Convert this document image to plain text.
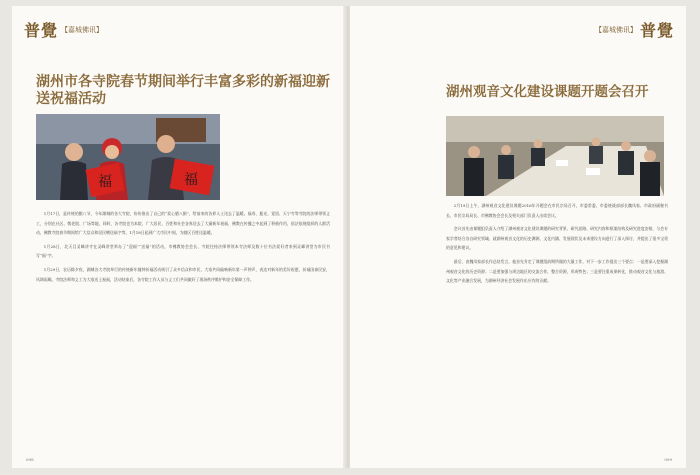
普覺 【嘉城佛讯】
湖州市各寺院春节期间举行丰富多彩的新福迎新送祝福活动
福	福

1月17日，是传统的腊八节，今年湖城的各大寺院，纷纷推出了自己的“爱心腊八粥”，给前来的各界人士送去了温暖。福寿、慈光、觉悟、天宁寺等寺院的法师带领义工，分别在社区、敬老院、广场等地，同时，各寺院也为本院、广大居民、百姓和社会各界送去了大量新年祝福，佛教在传播之中起到了积极作用，依法依规组织的人群活动，佛教寺院春节期间给广大信众和居民赠送福字等，1月18日起到广大市民中间，为辖区百姓送温暖。

1月28日，北天目灵峰讲寺在灵峰讲堂举办了“迎福”“送福”的活动，市佛教协会会长、寺院住持法师带领本寺法师及数十位书法爱好者来到灵峰讲堂为市民书写“福”字。

1月29日，农历除夕夜，湖城各大寺院举行的传统新年撞钟祈福活动吸引了众多信众和市民，大家共同敲响新年第一声钟声，表达对新年的美好祝愿，祈福国泰民安，风调雨顺。寺院法师和义工为大家送上祝福，活动结束后，各寺院工作人员与义工们共同做好了现场秩序维护和安全保障工作。

098
【嘉城佛讯】 普覺
湖州观音文化建设课题开题会召开

2月19日上午，湖州观音文化建设课题2016年开题会在市民宗局召开，市委常委、市委统战部部长魏凤家、市政府副秘书长、市民宗局局长、市佛教协会会长及相关部门负责人出席会议。

会议首先由课题组负责人介绍了湖州观音文化建设课题的研究背景、研究思路、研究内容和框架结构及研究进度安排，与会专家学者结合各自研究领域，就湖州观音文化的历史渊源、文化内涵、发展现状及未来建设方向进行了深入探讨，并提出了很多宝贵的意见和建议。

最后，由魏凤家部长作总结发言，他首先肯定了课题组前期所做的大量工作，对下一步工作提出三个要点：一是要深入挖掘湖州观音文化的历史资源；二是要加强与周边地区的交流合作，整合资源，形成特色；三是要注重成果转化，推动观音文化与旅游、文化等产业融合发展，为湖州经济社会发展作出应有的贡献。

099
